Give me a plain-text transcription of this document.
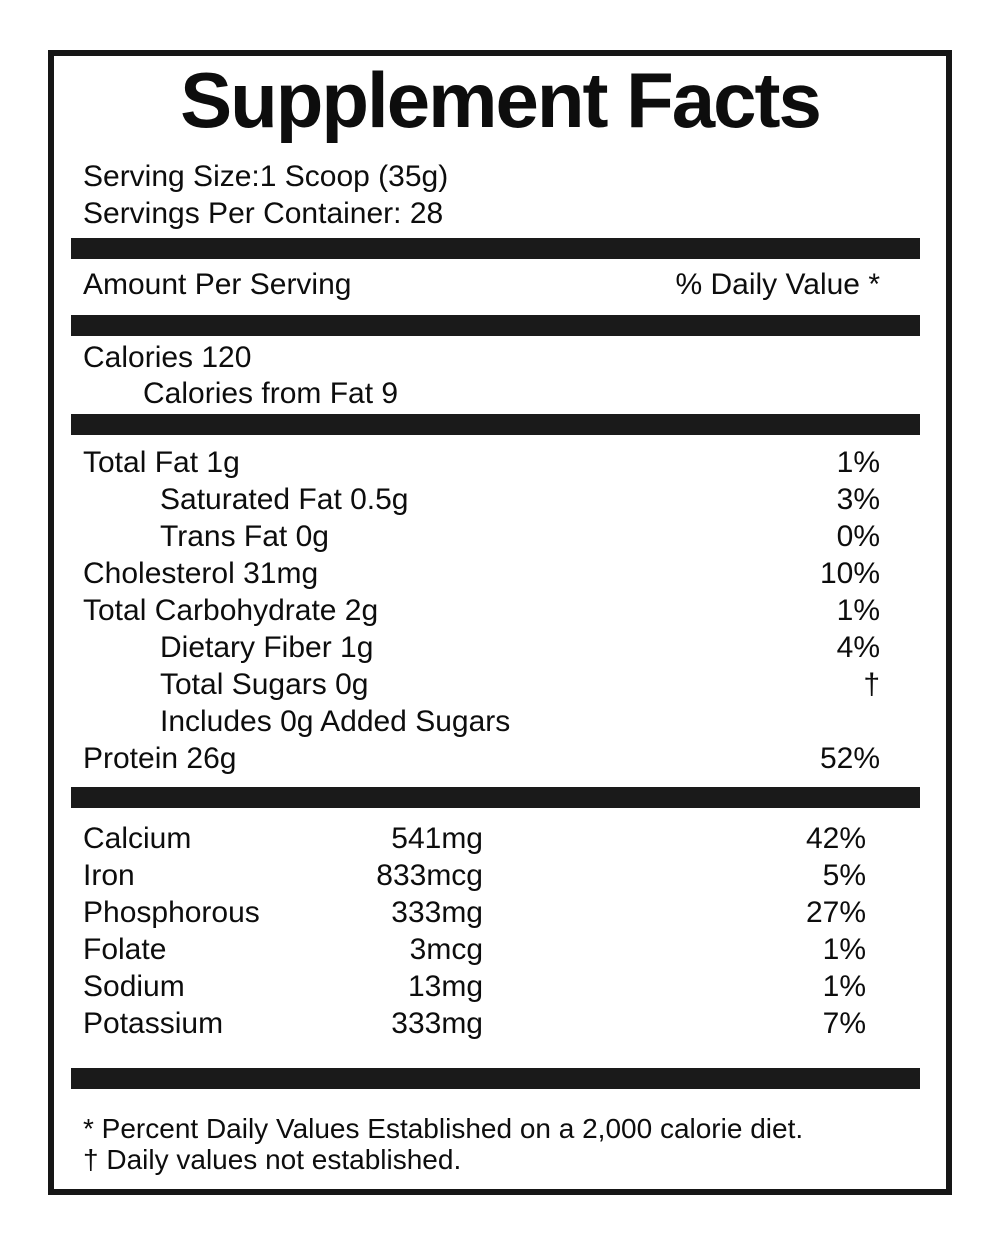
Supplement Facts
Serving Size:1 Scoop (35g)
Servings Per Container: 28
Amount Per Serving	% Daily Value *
Calories 120
Calories from Fat 9
Total Fat 1g	1%
Saturated Fat 0.5g	3%
Trans Fat 0g	0%
Cholesterol 31mg	10%
Total Carbohydrate 2g	1%
Dietary Fiber 1g	4%
Total Sugars 0g	†
Includes 0g Added Sugars
Protein 26g	52%
Calcium	541mg	42%
Iron	833mcg	5%
Phosphorous	333mg	27%
Folate	3mcg	1%
Sodium	13mg	1%
Potassium	333mg	7%
* Percent Daily Values Established on a 2,000 calorie diet.
† Daily values not established.
